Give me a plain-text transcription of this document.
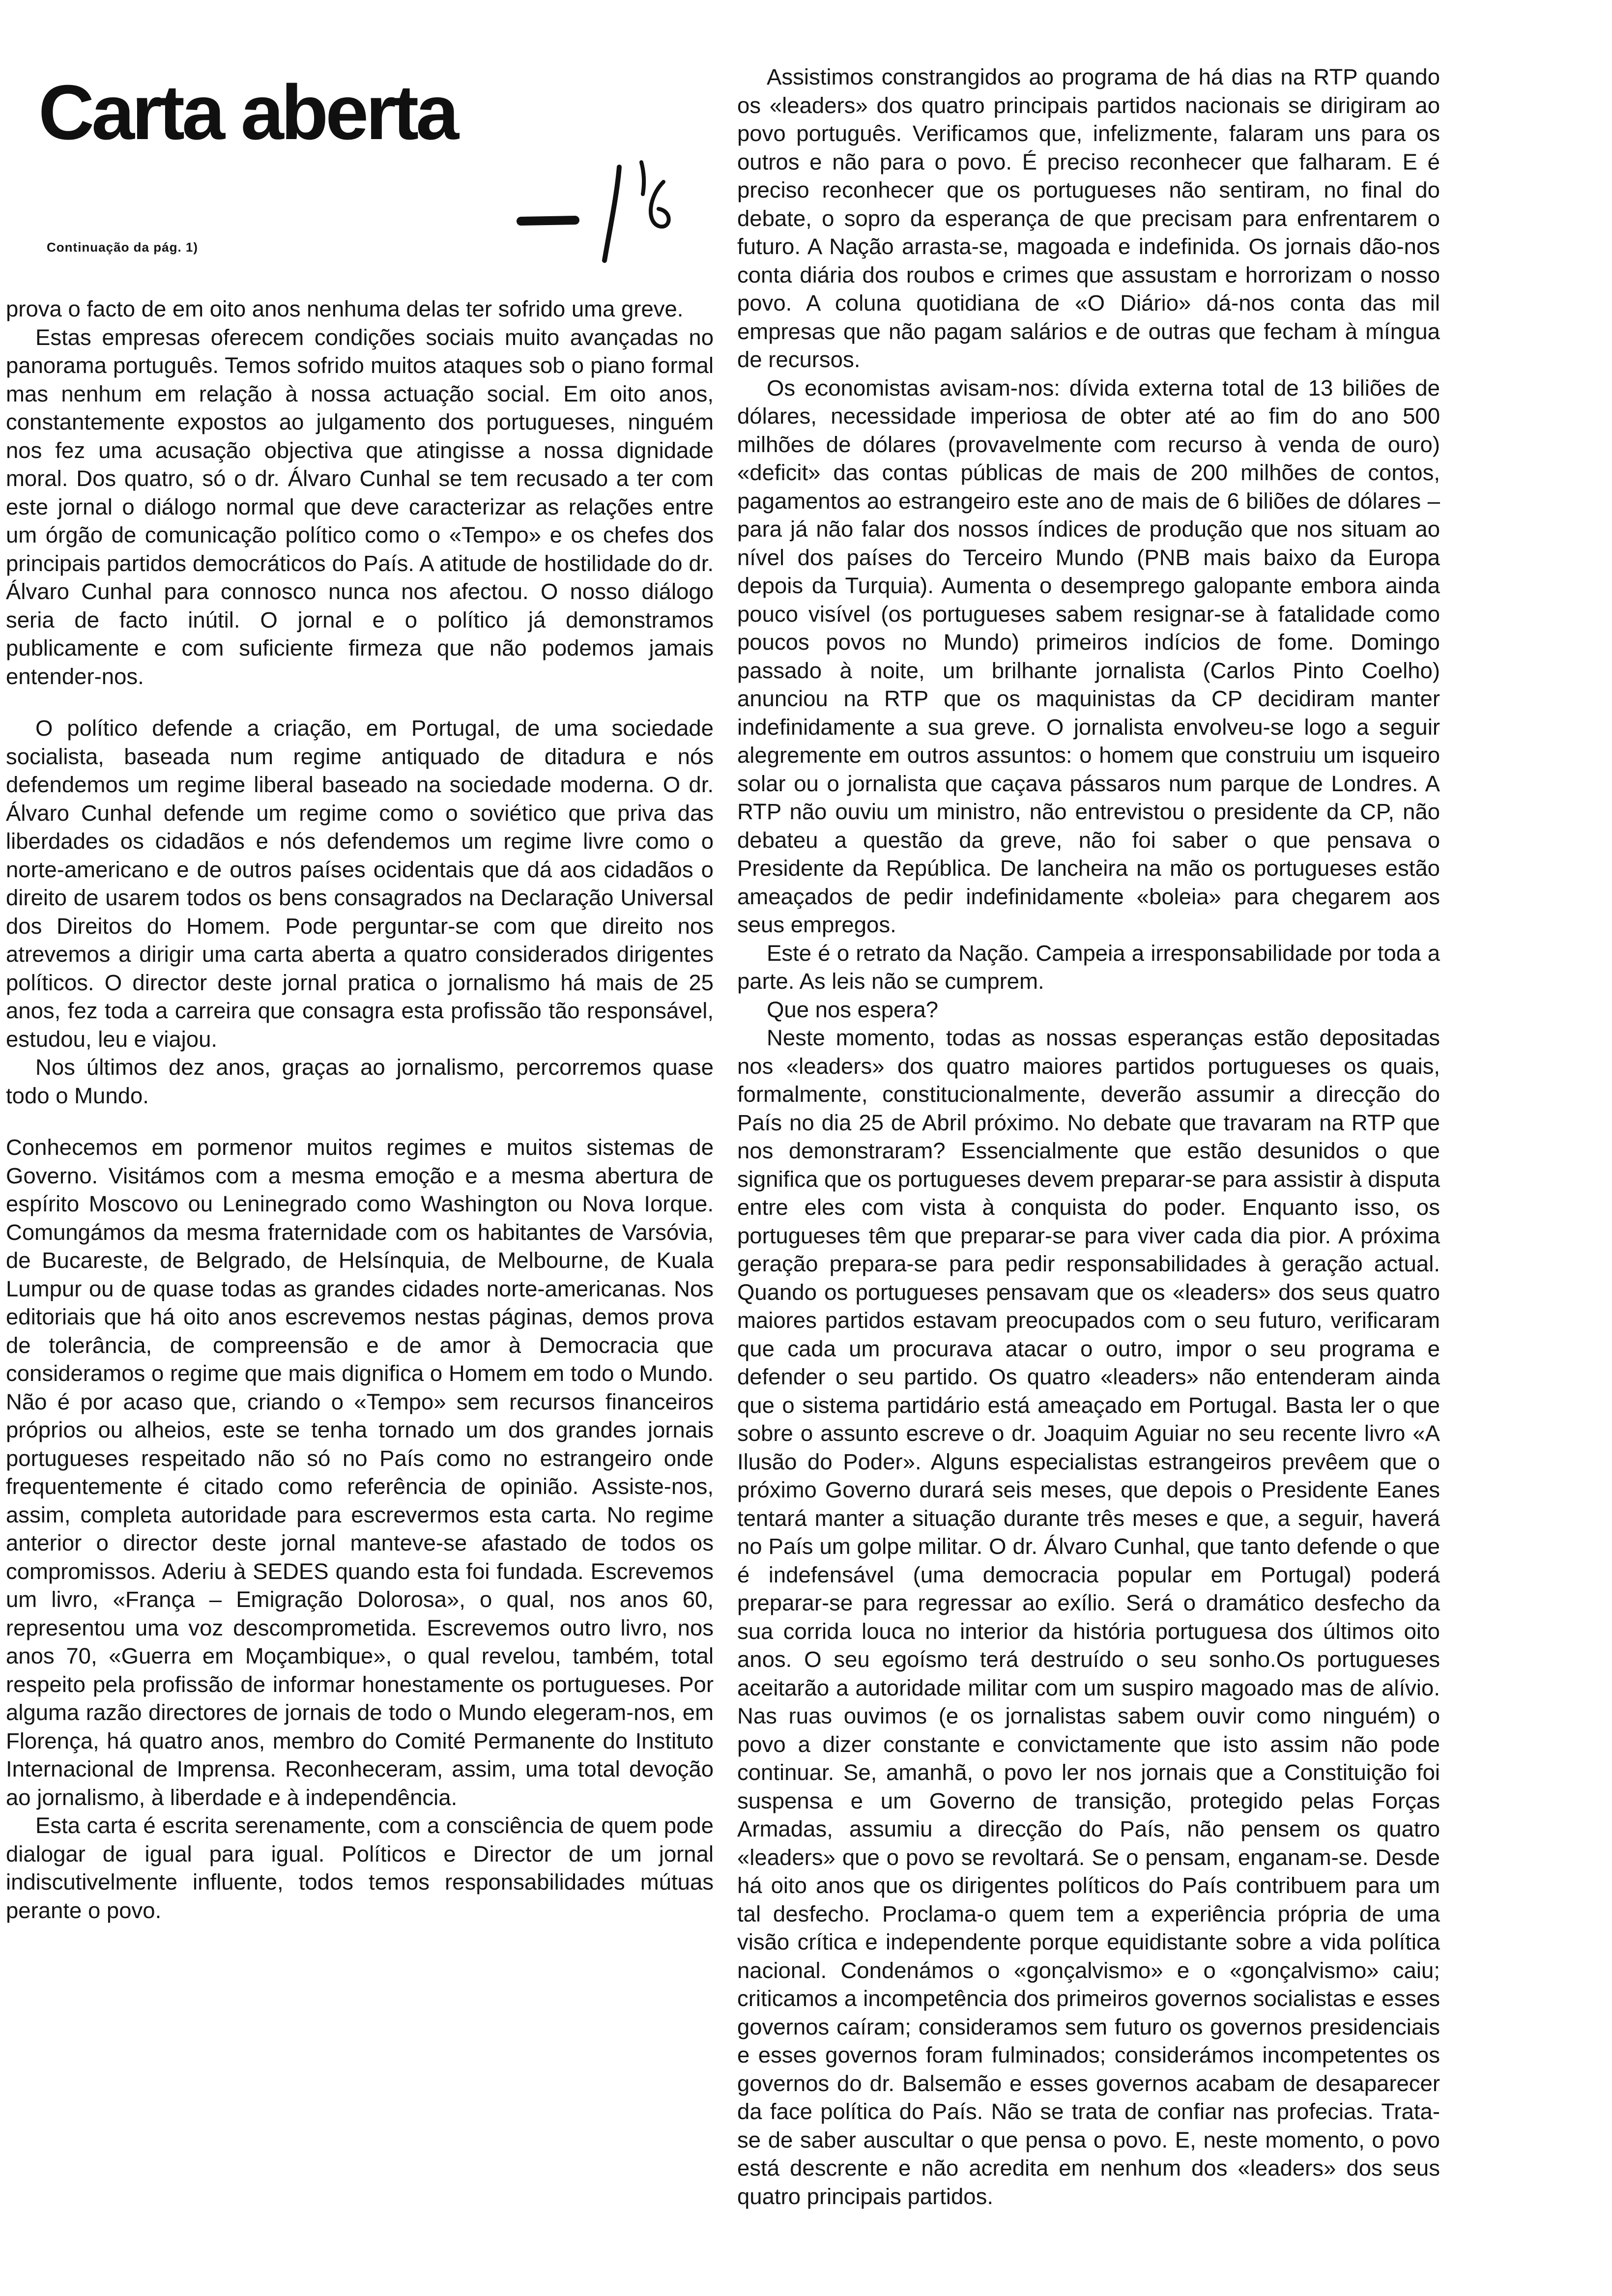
Carta aberta

Continuação da pág. 1)

prova o facto de em oito anos nenhuma delas ter sofrido uma greve.

Estas empresas oferecem condições sociais muito avançadas no panorama português. Temos sofrido muitos ataques sob o piano formal mas nenhum em relação à nossa actuação social. Em oito anos, constantemente expostos ao julgamento dos portugueses, ninguém nos fez uma acusação objectiva que atingisse a nossa dignidade moral. Dos quatro, só o dr. Álvaro Cunhal se tem recusado a ter com este jornal o diálogo normal que deve caracterizar as relações entre um órgão de comunicação político como o «Tempo» e os chefes dos principais partidos democráticos do País. A atitude de hostilidade do dr. Álvaro Cunhal para connosco nunca nos afectou. O nosso diálogo seria de facto inútil. O jornal e o político já demonstramos publicamente e com suficiente firmeza que não podemos jamais entender-nos.

O político defende a criação, em Portugal, de uma sociedade socialista, baseada num regime antiquado de ditadura e nós defendemos um regime liberal baseado na sociedade moderna. O dr. Álvaro Cunhal defende um regime como o soviético que priva das liberdades os cidadãos e nós defendemos um regime livre como o norte-americano e de outros países ocidentais que dá aos cidadãos o direito de usarem todos os bens consagrados na Declaração Universal dos Direitos do Homem. Pode perguntar-se com que direito nos atrevemos a dirigir uma carta aberta a quatro considerados dirigentes políticos. O director deste jornal pratica o jornalismo há mais de 25 anos, fez toda a carreira que consagra esta profissão tão responsável, estudou, leu e viajou.

Nos últimos dez anos, graças ao jornalismo, percorremos quase todo o Mundo.

Conhecemos em pormenor muitos regimes e muitos sistemas de Governo. Visitámos com a mesma emoção e a mesma abertura de espírito Moscovo ou Leninegrado como Washington ou Nova Iorque. Comungámos da mesma fraternidade com os habitantes de Varsóvia, de Bucareste, de Belgrado, de Helsínquia, de Melbourne, de Kuala Lumpur ou de quase todas as grandes cidades norte-americanas. Nos editoriais que há oito anos escrevemos nestas páginas, demos prova de tolerância, de compreensão e de amor à Democracia que consideramos o regime que mais dignifica o Homem em todo o Mundo. Não é por acaso que, criando o «Tempo» sem recursos financeiros próprios ou alheios, este se tenha tornado um dos grandes jornais portugueses respeitado não só no País como no estrangeiro onde frequentemente é citado como referência de opinião. Assiste-nos, assim, completa autoridade para escrevermos esta carta. No regime anterior o director deste jornal manteve-se afastado de todos os compromissos. Aderiu à SEDES quando esta foi fundada. Escrevemos um livro, «França – Emigração Dolorosa», o qual, nos anos 60, representou uma voz descomprometida. Escrevemos outro livro, nos anos 70, «Guerra em Moçambique», o qual revelou, também, total respeito pela profissão de informar honestamente os portugueses. Por alguma razão directores de jornais de todo o Mundo elegeram-nos, em Florença, há quatro anos, membro do Comité Permanente do Instituto Internacional de Imprensa. Reconheceram, assim, uma total devoção ao jornalismo, à liberdade e à independência.

Esta carta é escrita serenamente, com a consciência de quem pode dialogar de igual para igual. Políticos e Director de um jornal indiscutivelmente influente, todos temos responsabilidades mútuas perante o povo.

Assistimos constrangidos ao programa de há dias na RTP quando os «leaders» dos quatro principais partidos nacionais se dirigiram ao povo português. Verificamos que, infelizmente, falaram uns para os outros e não para o povo. É preciso reconhecer que falharam. E é preciso reconhecer que os portugueses não sentiram, no final do debate, o sopro da esperança de que precisam para enfrentarem o futuro. A Nação arrasta-se, magoada e indefinida. Os jornais dão-nos conta diária dos roubos e crimes que assustam e horrorizam o nosso povo. A coluna quotidiana de «O Diário» dá-nos conta das mil empresas que não pagam salários e de outras que fecham à míngua de recursos.

Os economistas avisam-nos: dívida externa total de 13 biliões de dólares, necessidade imperiosa de obter até ao fim do ano 500 milhões de dólares (provavelmente com recurso à venda de ouro) «deficit» das contas públicas de mais de 200 milhões de contos, pagamentos ao estrangeiro este ano de mais de 6 biliões de dólares – para já não falar dos nossos índices de produção que nos situam ao nível dos países do Terceiro Mundo (PNB mais baixo da Europa depois da Turquia). Aumenta o desemprego galopante embora ainda pouco visível (os portugueses sabem resignar-se à fatalidade como poucos povos no Mundo) primeiros indícios de fome. Domingo passado à noite, um brilhante jornalista (Carlos Pinto Coelho) anunciou na RTP que os maquinistas da CP decidiram manter indefinidamente a sua greve. O jornalista envolveu-se logo a seguir alegremente em outros assuntos: o homem que construiu um isqueiro solar ou o jornalista que caçava pássaros num parque de Londres. A RTP não ouviu um ministro, não entrevistou o presidente da CP, não debateu a questão da greve, não foi saber o que pensava o Presidente da República. De lancheira na mão os portugueses estão ameaçados de pedir indefinidamente «boleia» para chegarem aos seus empregos.

Este é o retrato da Nação. Campeia a irresponsabilidade por toda a parte. As leis não se cumprem.

Que nos espera?

Neste momento, todas as nossas esperanças estão depositadas nos «leaders» dos quatro maiores partidos portugueses os quais, formalmente, constitucionalmente, deverão assumir a direcção do País no dia 25 de Abril próximo. No debate que travaram na RTP que nos demonstraram? Essencialmente que estão desunidos o que significa que os portugueses devem preparar-se para assistir à disputa entre eles com vista à conquista do poder. Enquanto isso, os portugueses têm que preparar-se para viver cada dia pior. A próxima geração prepara-se para pedir responsabilidades à geração actual. Quando os portugueses pensavam que os «leaders» dos seus quatro maiores partidos estavam preocupados com o seu futuro, verificaram que cada um procurava atacar o outro, impor o seu programa e defender o seu partido. Os quatro «leaders» não entenderam ainda que o sistema partidário está ameaçado em Portugal. Basta ler o que sobre o assunto escreve o dr. Joaquim Aguiar no seu recente livro «A Ilusão do Poder». Alguns especialistas estrangeiros prevêem que o próximo Governo durará seis meses, que depois o Presidente Eanes tentará manter a situação durante três meses e que, a seguir, haverá no País um golpe militar. O dr. Álvaro Cunhal, que tanto defende o que é indefensável (uma democracia popular em Portugal) poderá preparar-se para regressar ao exílio. Será o dramático desfecho da sua corrida louca no interior da história portuguesa dos últimos oito anos. O seu egoísmo terá destruído o seu sonho.Os portugueses aceitarão a autoridade militar com um suspiro magoado mas de alívio. Nas ruas ouvimos (e os jornalistas sabem ouvir como ninguém) o povo a dizer constante e convictamente que isto assim não pode continuar. Se, amanhã, o povo ler nos jornais que a Constituição foi suspensa e um Governo de transição, protegido pelas Forças Armadas, assumiu a direcção do País, não pensem os quatro «leaders» que o povo se revoltará. Se o pensam, enganam-se. Desde há oito anos que os dirigentes políticos do País contribuem para um tal desfecho. Proclama-o quem tem a experiência própria de uma visão crítica e independente porque equidistante sobre a vida política nacional. Condenámos o «gonçalvismo» e o «gonçalvismo» caiu; criticamos a incompetência dos primeiros governos socialistas e esses governos caíram; consideramos sem futuro os governos presidenciais e esses governos foram fulminados; considerámos incompetentes os governos do dr. Balsemão e esses governos acabam de desaparecer da face política do País. Não se trata de confiar nas profecias. Trata-se de saber auscultar o que pensa o povo. E, neste momento, o povo está descrente e não acredita em nenhum dos «leaders» dos seus quatro principais partidos.
